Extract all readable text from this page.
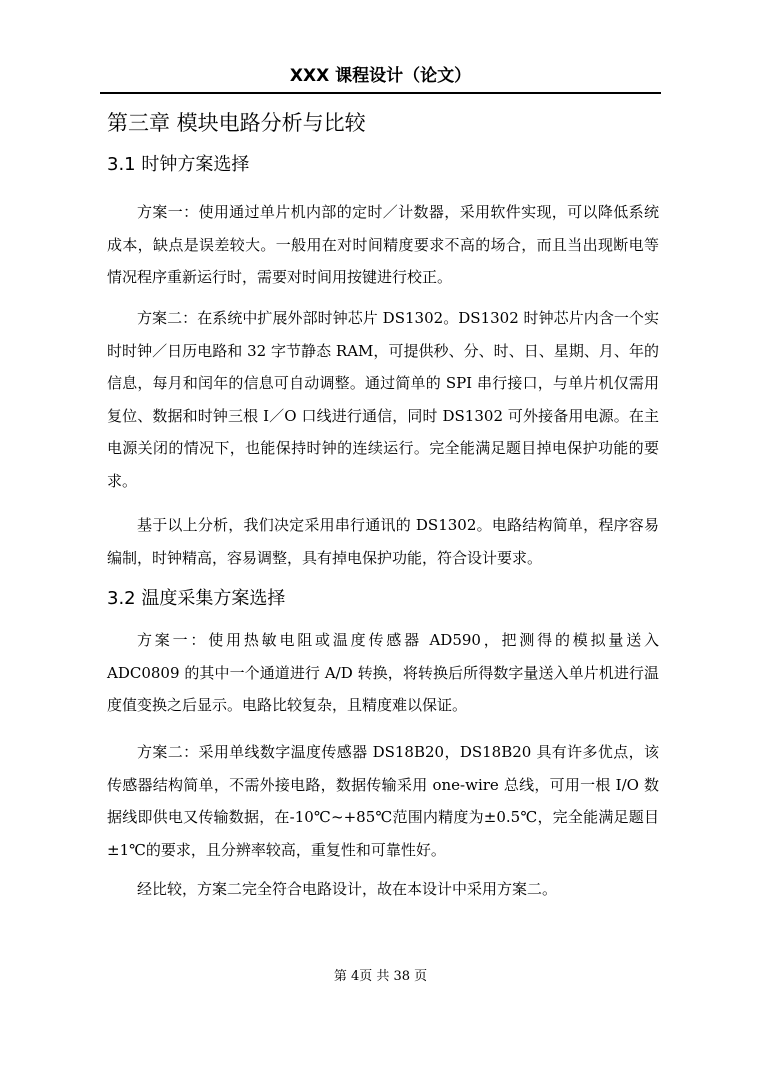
XXX 课程设计（论文）
第三章 模块电路分析与比较
3.1 时钟方案选择

方案一：使用通过单片机内部的定时／计数器，采用软件实现，可以降低系统成本，缺点是误差较大。一般用在对时间精度要求不高的场合，而且当出现断电等情况程序重新运行时，需要对时间用按键进行校正。

方案二：在系统中扩展外部时钟芯片 DS1302。DS1302 时钟芯片内含一个实时时钟／日历电路和 32 字节静态 RAM，可提供秒、分、时、日、星期、月、年的信息，每月和闰年的信息可自动调整。通过简单的 SPI 串行接口，与单片机仅需用复位、数据和时钟三根 I／O 口线进行通信，同时 DS1302 可外接备用电源。在主电源关闭的情况下，也能保持时钟的连续运行。完全能满足题目掉电保护功能的要求。

基于以上分析，我们决定采用串行通讯的 DS1302。电路结构简单，程序容易编制，时钟精高，容易调整，具有掉电保护功能，符合设计要求。

3.2 温度采集方案选择

方案一：使用热敏电阻或温度传感器 AD590，把测得的模拟量送入 ADC0809 的其中一个通道进行 A/D 转换，将转换后所得数字量送入单片机进行温度值变换之后显示。电路比较复杂，且精度难以保证。

方案二：采用单线数字温度传感器 DS18B20，DS18B20 具有许多优点，该传感器结构简单，不需外接电路，数据传输采用 one-wire 总线，可用一根 I/O 数据线即供电又传输数据，在-10℃~+85℃范围内精度为±0.5℃，完全能满足题目±1℃的要求，且分辨率较高，重复性和可靠性好。

经比较，方案二完全符合电路设计，故在本设计中采用方案二。

第 4页 共 38 页
